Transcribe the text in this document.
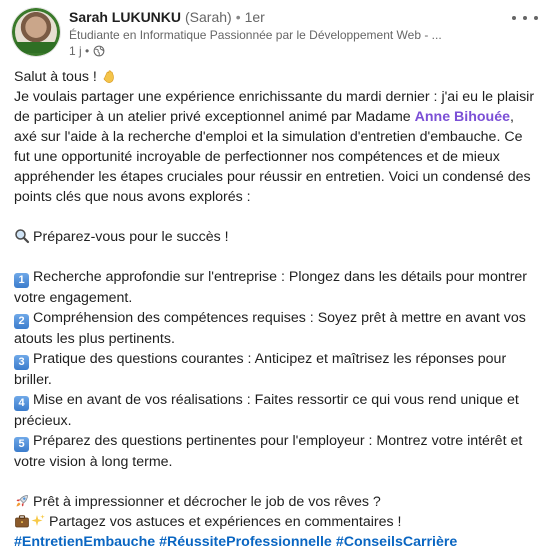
Sarah LUKUNKU (Sarah) • 1er
Étudiante en Informatique Passionnée par le Développement Web - ...
1 j •

Salut à tous !

Je voulais partager une expérience enrichissante du mardi dernier : j'ai eu le plaisir de participer à un atelier privé exceptionnel animé par Madame Anne Bihouée, axé sur l'aide à la recherche d'emploi et la simulation d'entretien d'embauche. Ce fut une opportunité incroyable de perfectionner nos compétences et de mieux appréhender les étapes cruciales pour réussir en entretien. Voici un condensé des points clés que nous avons explorés :

Préparez-vous pour le succès !

1 Recherche approfondie sur l'entreprise : Plongez dans les détails pour montrer votre engagement.

2 Compréhension des compétences requises : Soyez prêt à mettre en avant vos atouts les plus pertinents.

3 Pratique des questions courantes : Anticipez et maîtrisez les réponses pour briller.

4 Mise en avant de vos réalisations : Faites ressortir ce qui vous rend unique et précieux.

5 Préparez des questions pertinentes pour l'employeur : Montrez votre intérêt et votre vision à long terme.

Prêt à impressionner et décrocher le job de vos rêves ?

Partagez vos astuces et expériences en commentaires !

#EntretienEmbauche #RéussiteProfessionnelle #ConseilsCarrière
